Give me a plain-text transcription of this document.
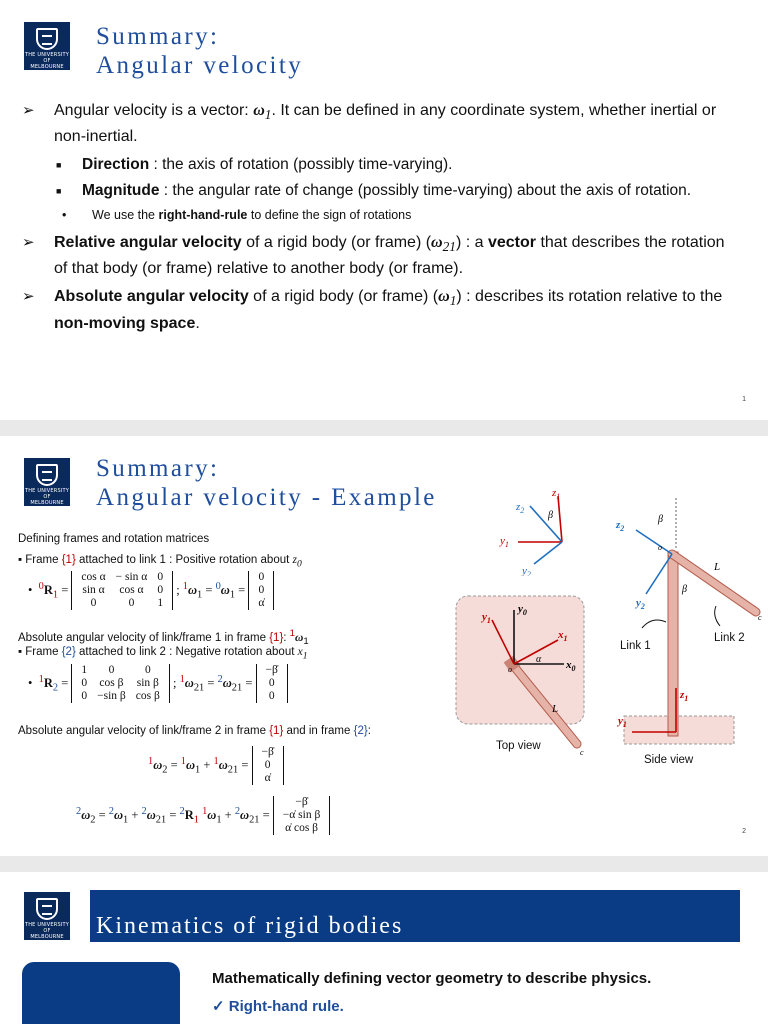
THE UNIVERSITY OF
MELBOURNE
Summary:
Angular velocity
➢ Angular velocity is a vector: $\omega_1$. It can be defined in any coordinate system, whether inertial or non-inertial.
■ Direction : the axis of rotation (possibly time-varying).
■ Magnitude : the angular rate of change (possibly time-varying) about the axis of rotation.
• We use the right-hand-rule to define the sign of rotations
➢ Relative angular velocity of a rigid body (or frame) $(\omega_{21})$ : a vector that describes the rotation of that body (or frame) relative to another body (or frame).
➢ Absolute angular velocity of a rigid body (or frame) $(\omega_1)$ : describes its rotation relative to the non-moving space.
1
THE UNIVERSITY OF
MELBOURNE
Summary:
Angular velocity - Example
Defining frames and rotation matrices
▪ Frame {1} attached to link 1 : Positive rotation about $z_0$
•  $^0R_1$ =
cos α	− sin α	0
sin α	cos α	0
0	0	1
; $^1\omega_1 = ^0\omega_1$ =
0
0
α̇
Absolute angular velocity of link/frame 1 in frame {1}: $^1\omega_1$
▪ Frame {2} attached to link 2 : Negative rotation about $x_1$
•  $^1R_2$ =
1	0	0
0	cos β	sin β
0	−sin β	cos β
; $^1\omega_{21} = ^2\omega_{21}$ =
−β̇
0
0
Absolute angular velocity of link/frame 2 in frame {1} and in frame {2}:
$^1\omega_2 = ^1\omega_1 + ^1\omega_{21}$ =
−β̇
0
α̇
$^2\omega_2 = ^2\omega_1 + ^2\omega_{21} = ^2R_1$ $^1\omega_1 + ^2\omega_{21}$ =
−β̇
−α̇ sin β
α̇ cos β
$z_1$
$z_2$
$y_1$
$y_2$
β
$y_0$
$x_0$
$x_1$
$y_1$
α
L
o
c
Top view
$z_2$
$y_2$
$z_1$
$y_1$
o
β
β
L
c
Link 1
Link 2
Side view
2
THE UNIVERSITY OF
MELBOURNE Kinematics of rigid bodies
Mathematically defining vector geometry to describe physics.
✓ Right-hand rule.
